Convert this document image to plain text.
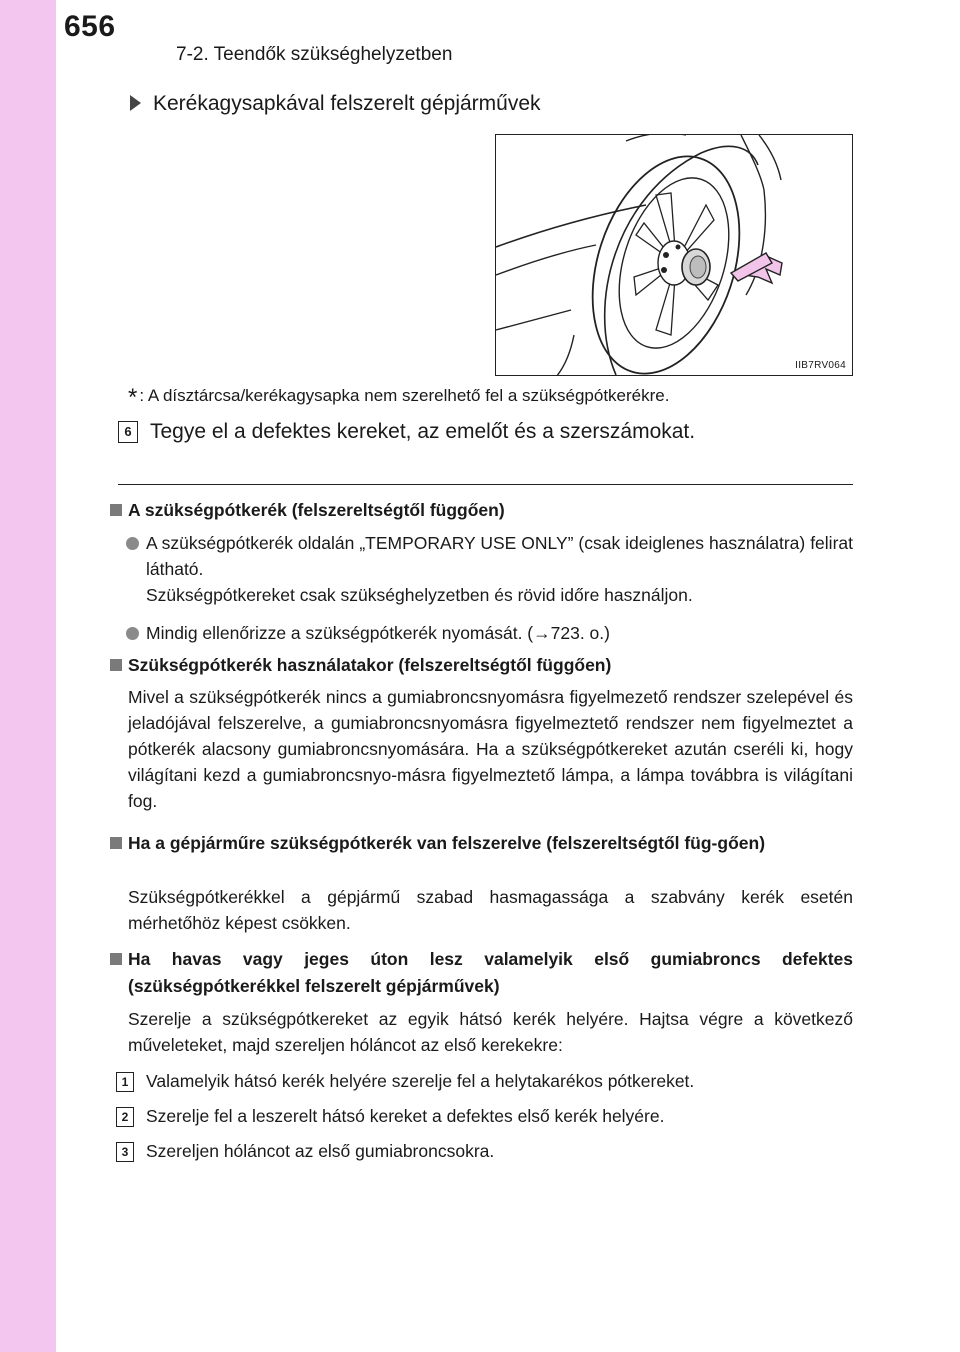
656
7-2. Teendők szükséghelyzetben
Kerékagysapkával felszerelt gépjárművek
IIB7RV064
* : A dísztárcsa/kerékagysapka nem szerelhető fel a szükségpótkerékre.
6 Tegye el a defektes kereket, az emelőt és a szerszámokat.
A szükségpótkerék (felszereltségtől függően)
A szükségpótkerék oldalán „TEMPORARY USE ONLY” (csak ideiglenes használatra) felirat látható.
Szükségpótkereket csak szükséghelyzetben és rövid időre használjon.
Mindig ellenőrizze a szükségpótkerék nyomását. (→723. o.)
Szükségpótkerék használatakor (felszereltségtől függően)
Mivel a szükségpótkerék nincs a gumiabroncsnyomásra figyelmezető rendszer szelepével és jeladójával felszerelve, a gumiabroncsnyomásra figyelmeztető rendszer nem figyelmeztet a pótkerék alacsony gumiabroncsnyomására. Ha a szükségpótkereket azután cseréli ki, hogy világítani kezd a gumiabroncsnyo-másra figyelmeztető lámpa, a lámpa továbbra is világítani fog.
Ha a gépjárműre szükségpótkerék van felszerelve (felszereltségtől füg-gően)
Szükségpótkerékkel a gépjármű szabad hasmagassága a szabvány kerék esetén mérhetőhöz képest csökken.
Ha havas vagy jeges úton lesz valamelyik első gumiabroncs defektes (szükségpótkerékkel felszerelt gépjárművek)
Szerelje a szükségpótkereket az egyik hátsó kerék helyére. Hajtsa végre a következő műveleteket, majd szereljen hóláncot az első kerekekre:
1 Valamelyik hátsó kerék helyére szerelje fel a helytakarékos pótkereket.
2 Szerelje fel a leszerelt hátsó kereket a defektes első kerék helyére.
3 Szereljen hóláncot az első gumiabroncsokra.
